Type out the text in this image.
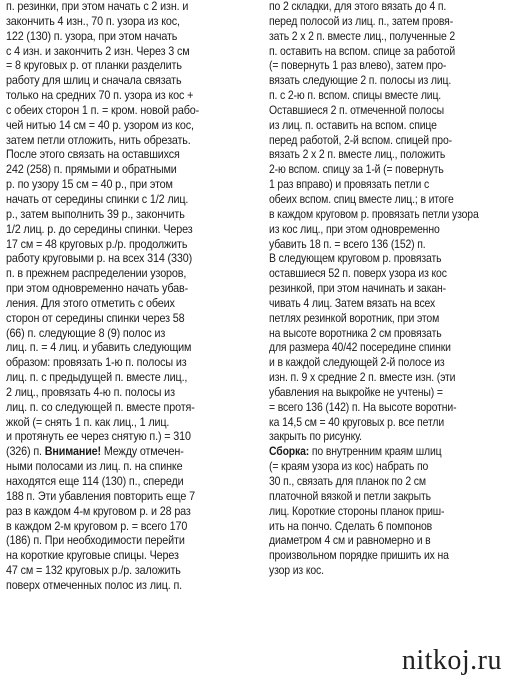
п. резинки, при этом начать с 2 изн. и
закончить 4 изн., 70 п. узора из кос,
122 (130) п. узора, при этом начать
с 4 изн. и закончить 2 изн. Через 3 см
= 8 круговых р. от планки разделить
работу для шлиц и сначала связать
только на средних 70 п. узора из кос +
с обеих сторон 1 п. = кром. новой рабо-
чей нитью 14 см = 40 р. узором из кос,
затем петли отложить, нить обрезать.
После этого связать на оставшихся
242 (258) п. прямыми и обратными
р. по узору 15 см = 40 р., при этом
начать от середины спинки с 1/2 лиц.
р., затем выполнить 39 р., закончить
1/2 лиц. р. до середины спинки. Через
17 см = 48 круговых р./р. продолжить
работу круговыми р. на всех 314 (330)
п. в прежнем распределении узоров,
при этом одновременно начать убав-
ления. Для этого отметить с обеих
сторон от середины спинки через 58
(66) п. следующие 8 (9) полос из
лиц. п. = 4 лиц. и убавить следующим
образом: провязать 1-ю п. полосы из
лиц. п. с предыдущей п. вместе лиц.,
2 лиц., провязать 4-ю п. полосы из
лиц. п. со следующей п. вместе протя-
жкой (= снять 1 п. как лиц., 1 лиц.
и протянуть ее через снятую п.) = 310
(326) п. Внимание! Между отмечен-
ными полосами из лиц. п. на спинке
находятся еще 114 (130) п., спереди
188 п. Эти убавления повторить еще 7
раз в каждом 4-м круговом р. и 28 раз
в каждом 2-м круговом р. = всего 170
(186) п. При необходимости перейти
на короткие круговые спицы. Через
47 см = 132 круговых р./р. заложить
поверх отмеченных полос из лиц. п.
по 2 складки, для этого вязать до 4 п.
перед полосой из лиц. п., затем провя-
зать 2 х 2 п. вместе лиц., полученные 2
п. оставить на вспом. спице за работой
(= повернуть 1 раз влево), затем про-
вязать следующие 2 п. полосы из лиц.
п. с 2-ю п. вспом. спицы вместе лиц.
Оставшиеся 2 п. отмеченной полосы
из лиц. п. оставить на вспом. спице
перед работой, 2-й вспом. спицей про-
вязать 2 х 2 п. вместе лиц., положить
2-ю вспом. спицу за 1-й (= повернуть
1 раз вправо) и провязать петли с
обеих вспом. спиц вместе лиц.; в итоге
в каждом круговом р. провязать петли узора
из кос лиц., при этом одновременно
убавить 18 п. = всего 136 (152) п.
В следующем круговом р. провязать
оставшиеся 52 п. поверх узора из кос
резинкой, при этом начинать и закан-
чивать 4 лиц. Затем вязать на всех
петлях резинкой воротник, при этом
на высоте воротника 2 см провязать
для размера 40/42 посередине спинки
и в каждой следующей 2-й полосе из
изн. п. 9 х средние 2 п. вместе изн. (эти
убавления на выкройке не учтены) =
= всего 136 (142) п. На высоте воротни-
ка 14,5 см = 40 круговых р. все петли
закрыть по рисунку.
Сборка: по внутренним краям шлиц
(= краям узора из кос) набрать по
30 п., связать для планок по 2 см
платочной вязкой и петли закрыть
лиц. Короткие стороны планок приш-
ить на пончо. Сделать 6 помпонов
диаметром 4 см и равномерно и в
произвольном порядке пришить их на
узор из кос.
nitkoj.ru
